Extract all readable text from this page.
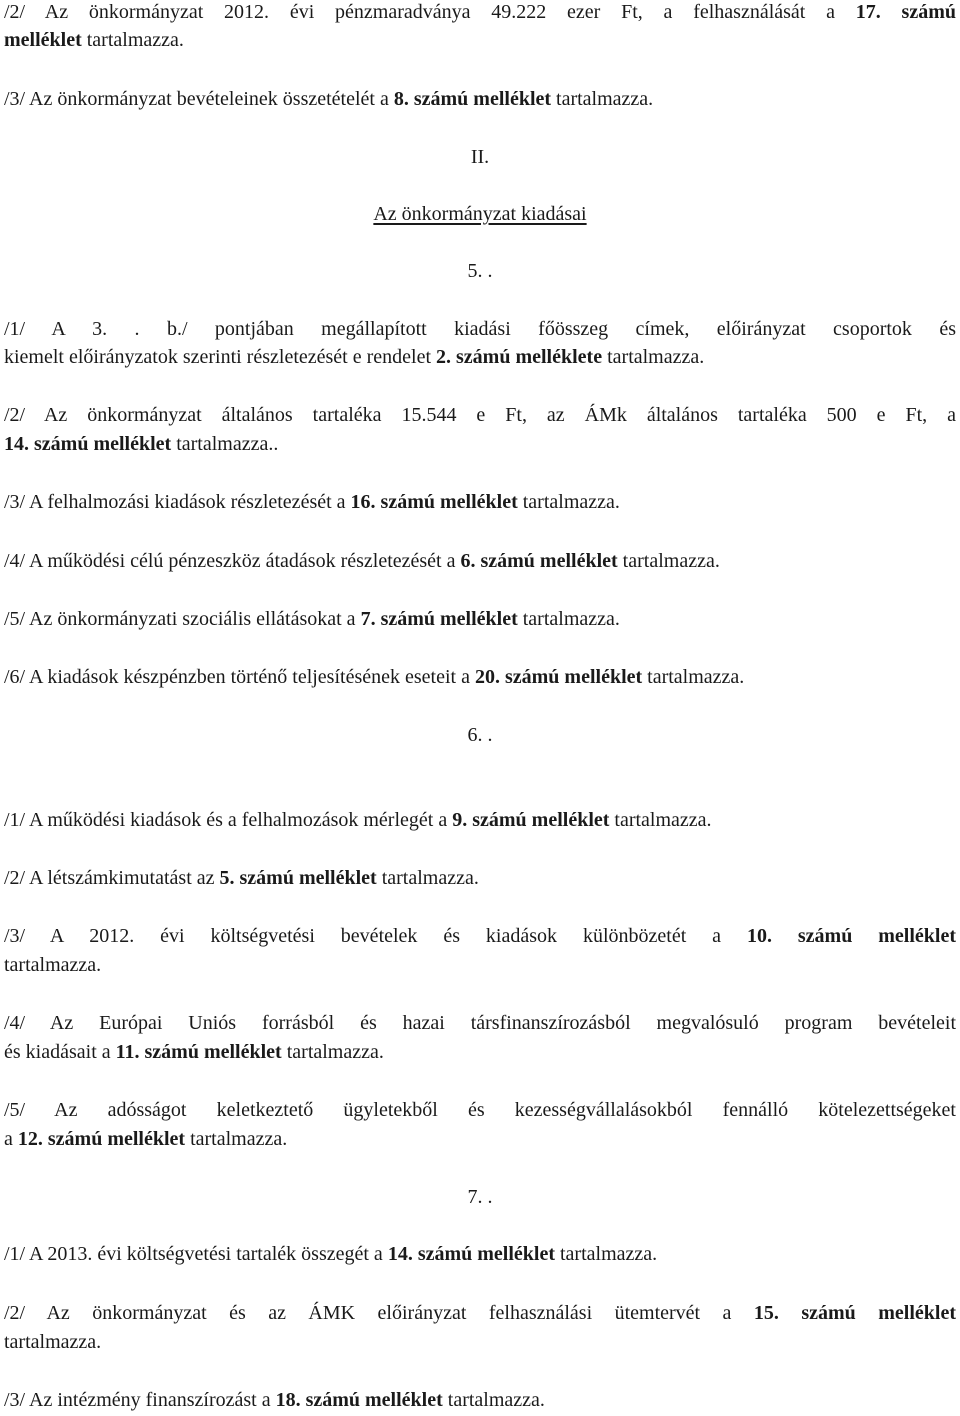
/2/ Az önkormányzat 2012. évi pénzmaradványa 49.222 ezer Ft, a felhasználását a 17. számú
melléklet tartalmazza.
/3/ Az önkormányzat bevételeinek összetételét a 8. számú melléklet tartalmazza.
II.
Az önkormányzat kiadásai
5. .
/1/ A 3. . b./ pontjában megállapított kiadási főösszeg címek, előirányzat csoportok és
kiemelt előirányzatok szerinti részletezését e rendelet 2. számú melléklete tartalmazza.
/2/ Az önkormányzat általános tartaléka 15.544 e Ft, az ÁMk általános tartaléka 500 e Ft, a
14. számú melléklet tartalmazza..
/3/ A felhalmozási kiadások részletezését a 16. számú melléklet tartalmazza.
/4/ A működési célú pénzeszköz átadások részletezését a 6. számú melléklet tartalmazza.
/5/ Az önkormányzati szociális ellátásokat a 7. számú melléklet tartalmazza.
/6/ A kiadások készpénzben történő teljesítésének eseteit a 20. számú melléklet tartalmazza.
6. .
/1/ A működési kiadások és a felhalmozások mérlegét a 9. számú melléklet tartalmazza.
/2/ A létszámkimutatást az 5. számú melléklet tartalmazza.
/3/ A 2012. évi költségvetési bevételek és kiadások különbözetét a 10. számú melléklet
tartalmazza.
/4/ Az Európai Uniós forrásból és hazai társfinanszírozásból megvalósuló program bevételeit
és kiadásait a 11. számú melléklet tartalmazza.
/5/ Az adósságot keletkeztető ügyletekből és kezességvállalásokból fennálló kötelezettségeket
a 12. számú melléklet tartalmazza.
7. .
/1/ A 2013. évi költségvetési tartalék összegét a 14. számú melléklet tartalmazza.
/2/ Az önkormányzat és az ÁMK előirányzat felhasználási ütemtervét a 15. számú melléklet
tartalmazza.
/3/ Az intézmény finanszírozást a 18. számú melléklet tartalmazza.
